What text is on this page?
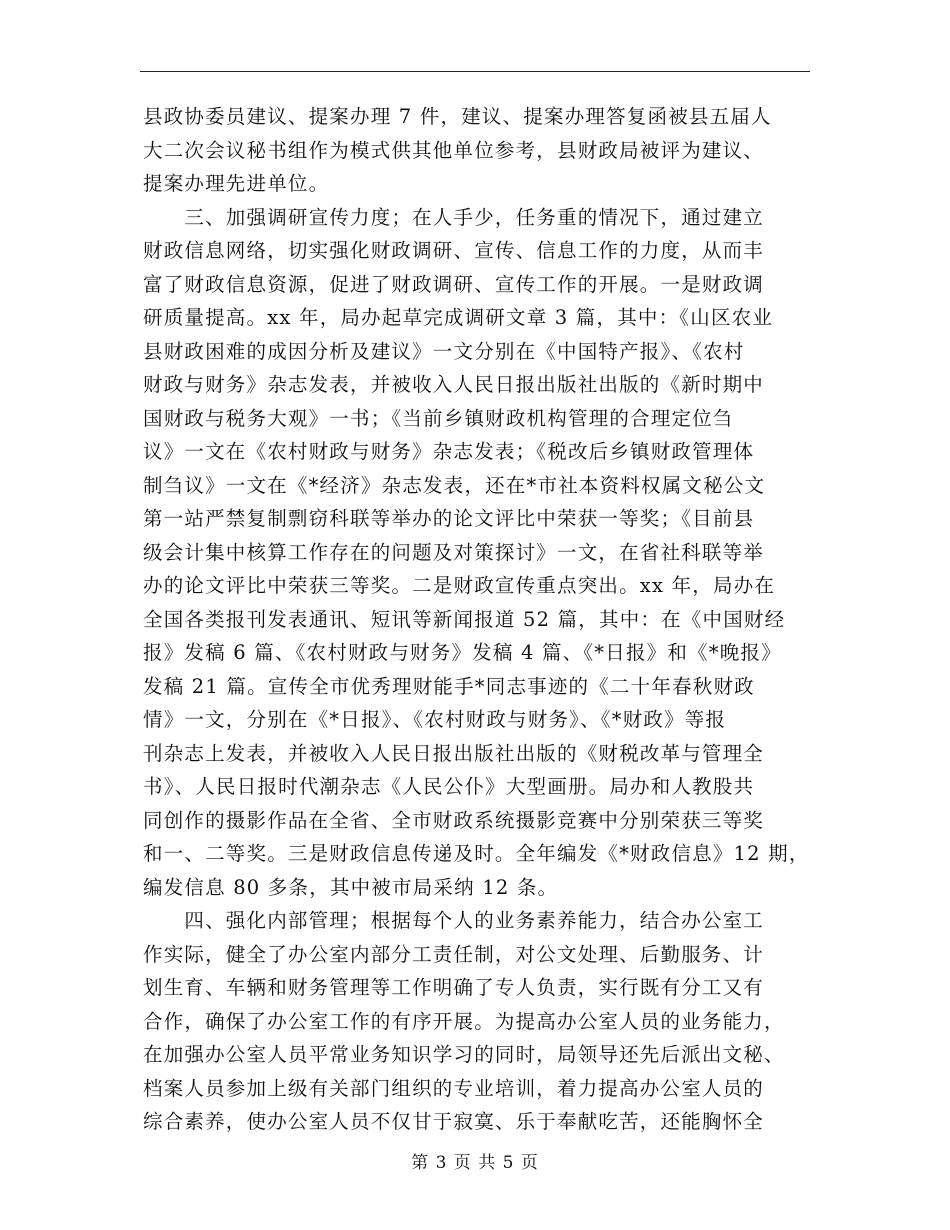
县政协委员建议、提案办理 7 件，建议、提案办理答复函被县五届人
大二次会议秘书组作为模式供其他单位参考，县财政局被评为建议、
提案办理先进单位。
　　三、加强调研宣传力度；在人手少，任务重的情况下，通过建立
财政信息网络，切实强化财政调研、宣传、信息工作的力度，从而丰
富了财政信息资源，促进了财政调研、宣传工作的开展。一是财政调
研质量提高。xx 年，局办起草完成调研文章 3 篇，其中：《山区农业
县财政困难的成因分析及建议》一文分别在《中国特产报》、《农村
财政与财务》杂志发表，并被收入人民日报出版社出版的《新时期中
国财政与税务大观》一书；《当前乡镇财政机构管理的合理定位刍
议》一文在《农村财政与财务》杂志发表；《税改后乡镇财政管理体
制刍议》一文在《*经济》杂志发表，还在*市社本资料权属文秘公文
第一站严禁复制剽窃科联等举办的论文评比中荣获一等奖；《目前县
级会计集中核算工作存在的问题及对策探讨》一文，在省社科联等举
办的论文评比中荣获三等奖。二是财政宣传重点突出。xx 年，局办在
全国各类报刊发表通讯、短讯等新闻报道 52 篇，其中：在《中国财经
报》发稿 6 篇、《农村财政与财务》发稿 4 篇、《*日报》和《*晚报》
发稿 21 篇。宣传全市优秀理财能手*同志事迹的《二十年春秋财政
情》一文，分别在《*日报》、《农村财政与财务》、《*财政》等报
刊杂志上发表，并被收入人民日报出版社出版的《财税改革与管理全
书》、人民日报时代潮杂志《人民公仆》大型画册。局办和人教股共
同创作的摄影作品在全省、全市财政系统摄影竞赛中分别荣获三等奖
和一、二等奖。三是财政信息传递及时。全年编发《*财政信息》12 期，
编发信息 80 多条，其中被市局采纳 12 条。
　　四、强化内部管理；根据每个人的业务素养能力，结合办公室工
作实际，健全了办公室内部分工责任制，对公文处理、后勤服务、计
划生育、车辆和财务管理等工作明确了专人负责，实行既有分工又有
合作，确保了办公室工作的有序开展。为提高办公室人员的业务能力，
在加强办公室人员平常业务知识学习的同时，局领导还先后派出文秘、
档案人员参加上级有关部门组织的专业培训，着力提高办公室人员的
综合素养，使办公室人员不仅甘于寂寞、乐于奉献吃苦，还能胸怀全
第 3 页 共 5 页
